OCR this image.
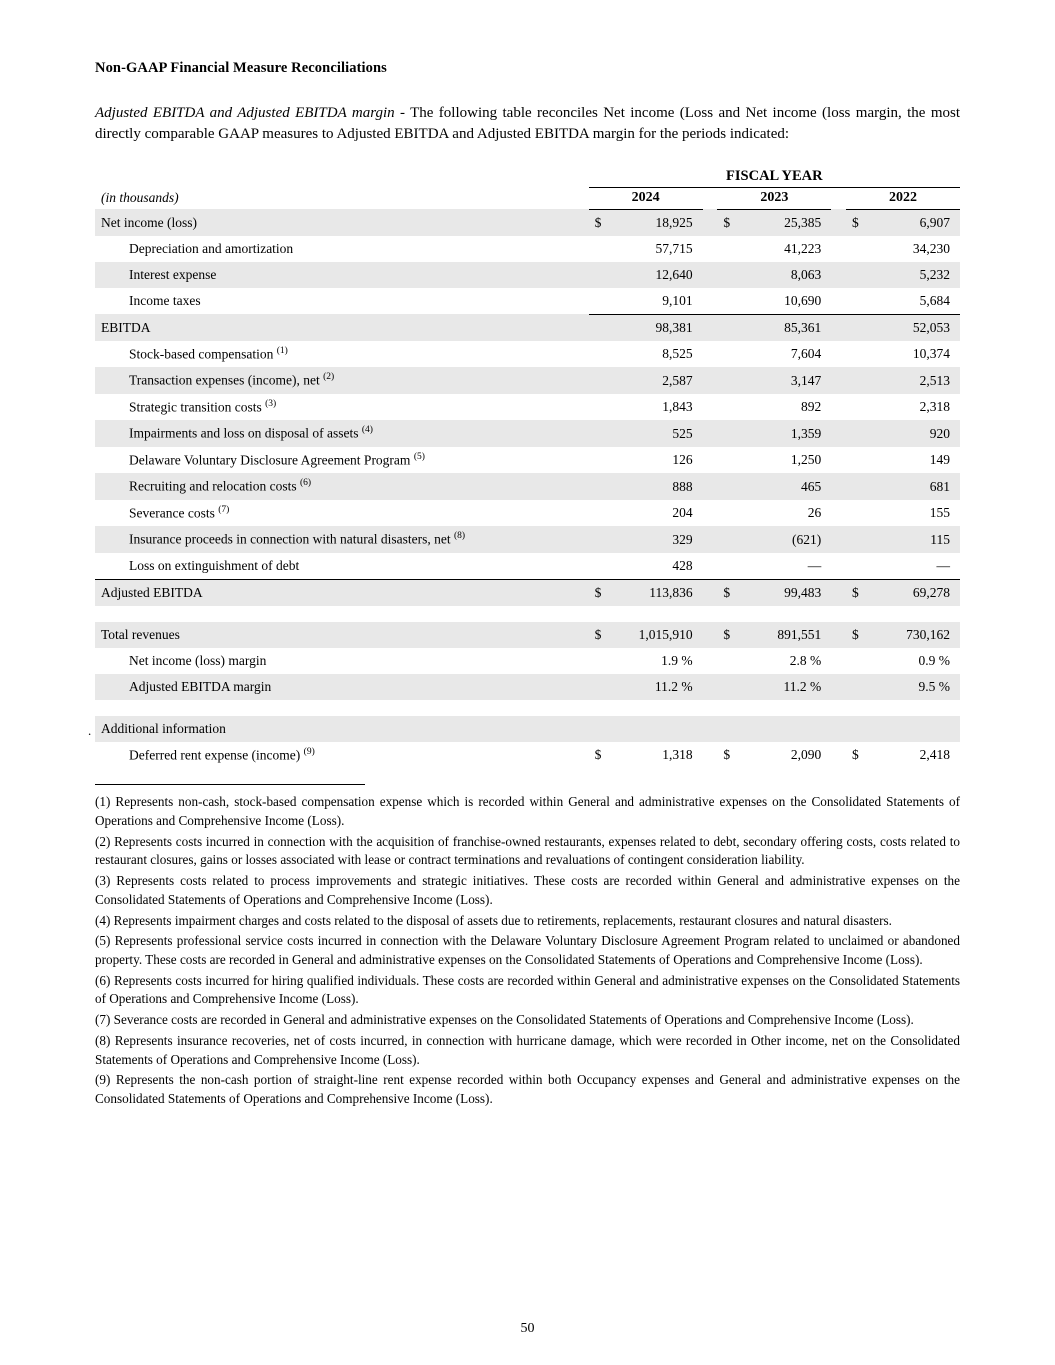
Non-GAAP Financial Measure Reconciliations

Adjusted EBITDA and Adjusted EBITDA margin - The following table reconciles Net income (Loss and Net income (loss margin, the most directly comparable GAAP measures to Adjusted EBITDA and Adjusted EBITDA margin for the periods indicated:

	FISCAL YEAR							
(in thousands)	2024			2023			2022	
Net income (loss)	$	18,925		$	25,385		$	6,907
Depreciation and amortization		57,715			41,223			34,230
Interest expense		12,640			8,063			5,232
Income taxes		9,101			10,690			5,684
EBITDA		98,381			85,361			52,053
Stock-based compensation $^{(1)}$		8,525			7,604			10,374
Transaction expenses (income), net $^{(2)}$		2,587			3,147			2,513
Strategic transition costs $^{(3)}$		1,843			892			2,318
Impairments and loss on disposal of assets $^{(4)}$		525			1,359			920
Delaware Voluntary Disclosure Agreement Program $^{(5)}$		126			1,250			149
Recruiting and relocation costs $^{(6)}$		888			465			681
Severance costs $^{(7)}$		204			26			155
Insurance proceeds in connection with natural disasters, net $^{(8)}$		329			(621)			115
Loss on extinguishment of debt		428			—			—
Adjusted EBITDA	$	113,836		$	99,483		$	69,278

Total revenues	$	1,015,910		$	891,551		$	730,162
Net income (loss) margin		1.9 %			2.8 %			0.9 %
Adjusted EBITDA margin		11.2 %			11.2 %			9.5 %

Additional information								
Deferred rent expense (income) $^{(9)}$	$	1,318		$	2,090		$	2,418

(1) Represents non-cash, stock-based compensation expense which is recorded within General and administrative expenses on the Consolidated Statements of Operations and Comprehensive Income (Loss).

(2) Represents costs incurred in connection with the acquisition of franchise-owned restaurants, expenses related to debt, secondary offering costs, costs related to restaurant closures, gains or losses associated with lease or contract terminations and revaluations of contingent consideration liability.

(3) Represents costs related to process improvements and strategic initiatives. These costs are recorded within General and administrative expenses on the Consolidated Statements of Operations and Comprehensive Income (Loss).

(4) Represents impairment charges and costs related to the disposal of assets due to retirements, replacements, restaurant closures and natural disasters.

(5) Represents professional service costs incurred in connection with the Delaware Voluntary Disclosure Agreement Program related to unclaimed or abandoned property. These costs are recorded in General and administrative expenses on the Consolidated Statements of Operations and Comprehensive Income (Loss).

(6) Represents costs incurred for hiring qualified individuals. These costs are recorded within General and administrative expenses on the Consolidated Statements of Operations and Comprehensive Income (Loss).

(7) Severance costs are recorded in General and administrative expenses on the Consolidated Statements of Operations and Comprehensive Income (Loss).

(8) Represents insurance recoveries, net of costs incurred, in connection with hurricane damage, which were recorded in Other income, net on the Consolidated Statements of Operations and Comprehensive Income (Loss).

(9) Represents the non-cash portion of straight-line rent expense recorded within both Occupancy expenses and General and administrative expenses on the Consolidated Statements of Operations and Comprehensive Income (Loss).

.
50
